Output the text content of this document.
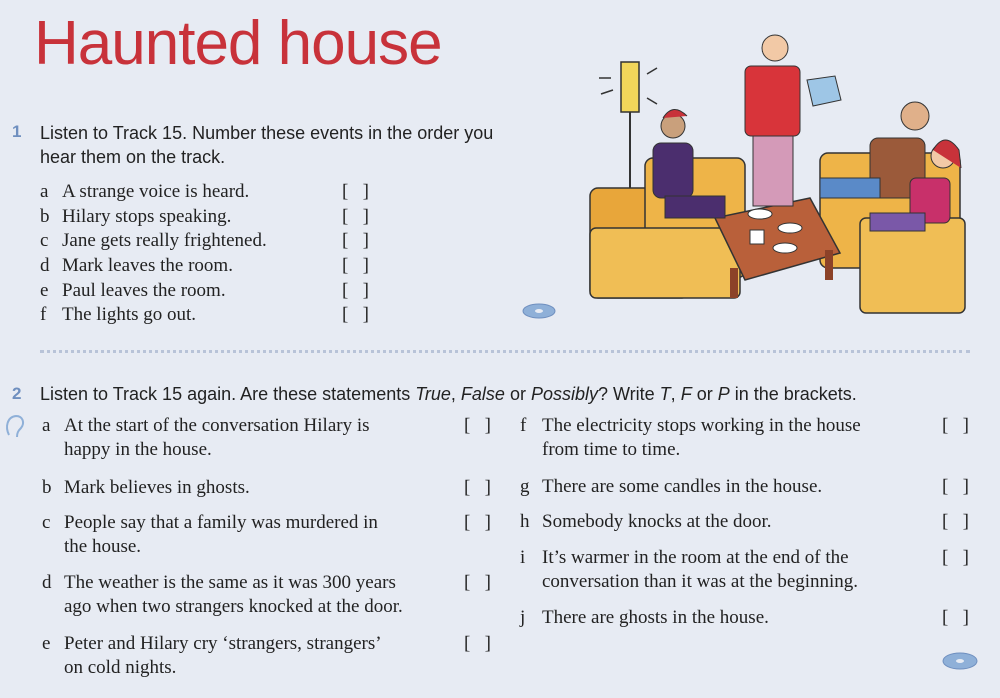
Haunted house
1 Listen to Track 15. Number these events in the order you
hear them on the track.
a A strange voice is heard.	[   ]
b Hilary stops speaking.	[   ]
c Jane gets really frightened.	[   ]
d Mark leaves the room.	[   ]
e Paul leaves the room.	[   ]
f The lights go out.	[   ]
2 Listen to Track 15 again. Are these statements True, False or Possibly? Write T, F or P in the brackets.
a At the start of the conversation Hilary is
happy in the house.
[   ]
b Mark believes in ghosts.	[   ]
c People say that a family was murdered in
the house.
[   ]
d The weather is the same as it was 300 years
ago when two strangers knocked at the door.
[   ]
e Peter and Hilary cry ‘strangers, strangers’
on cold nights.
[   ]
f The electricity stops working in the house
from time to time.
[   ]
g There are some candles in the house.	[   ]
h Somebody knocks at the door.	[   ]
i It’s warmer in the room at the end of the
conversation than it was at the beginning.
[   ]
j There are ghosts in the house.	[   ]
